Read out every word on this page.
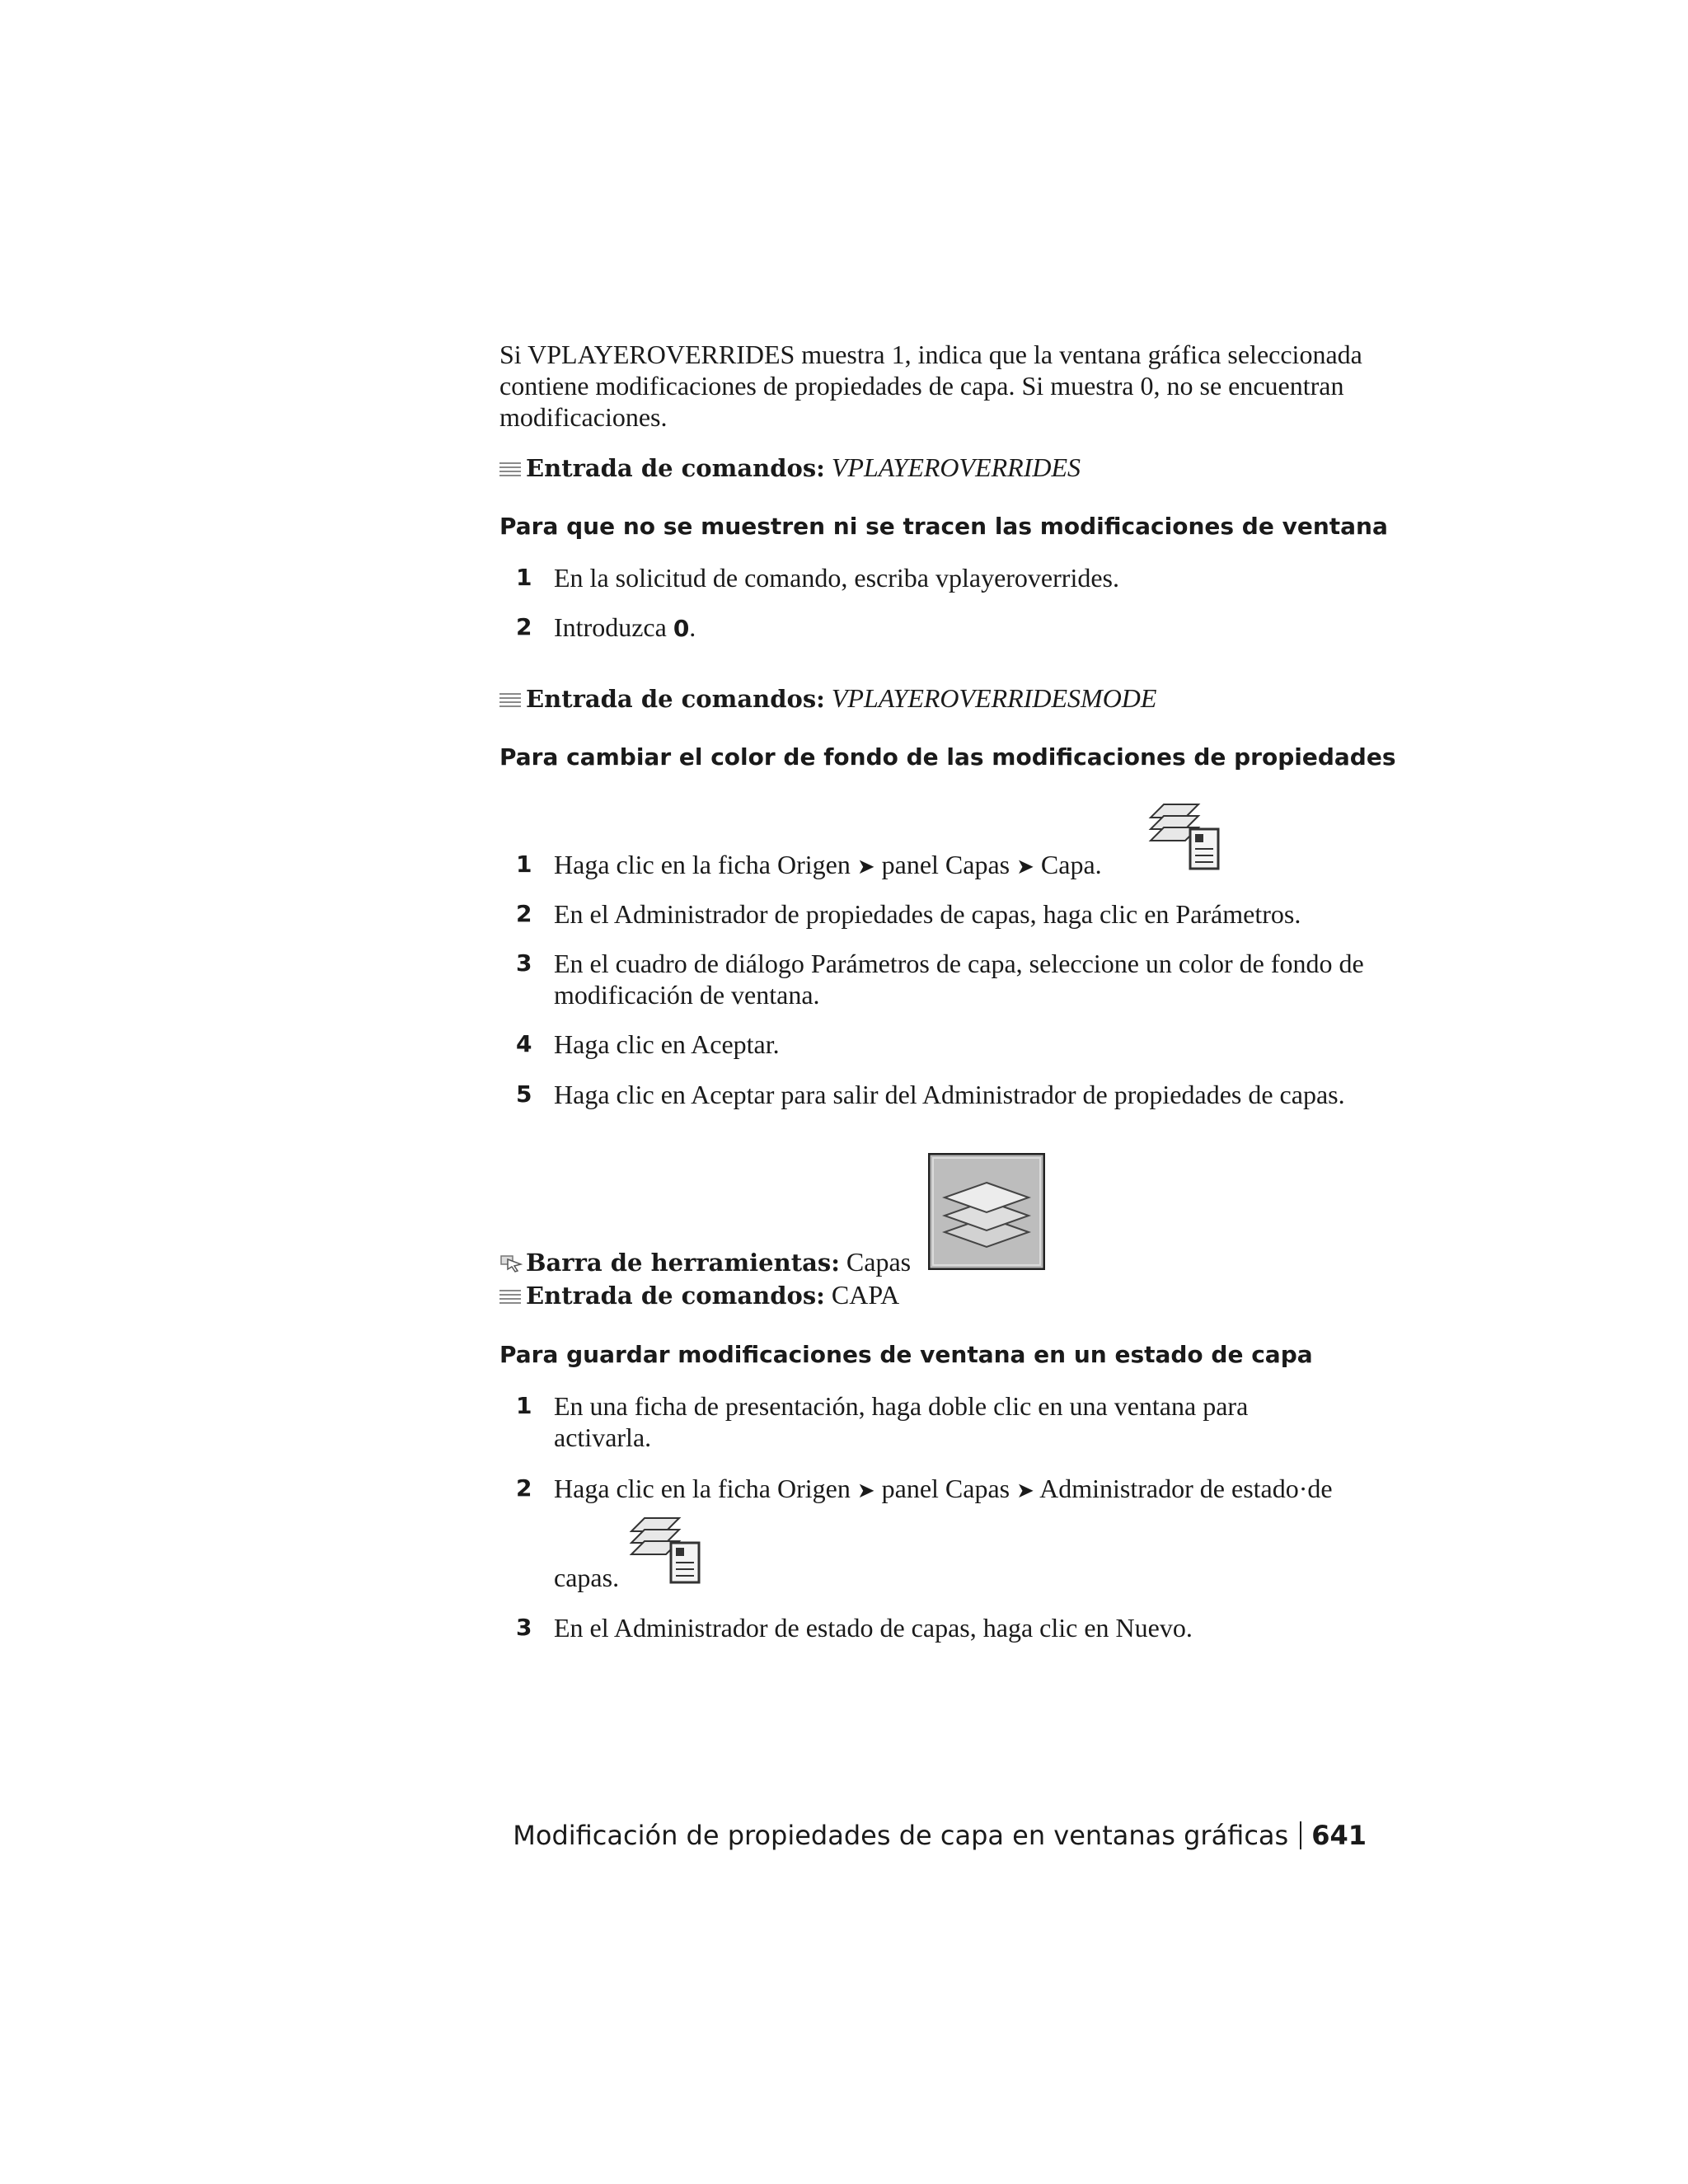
Si VPLAYEROVERRIDES muestra 1, indica que la ventana gráfica seleccionada contiene modificaciones de propiedades de capa. Si muestra 0, no se encuentran modificaciones.
Entrada de comandos: VPLAYEROVERRIDES
Para que no se muestren ni se tracen las modificaciones de ventana
1 En la solicitud de comando, escriba vplayeroverrides.
2 Introduzca 0.
Entrada de comandos: VPLAYEROVERRIDESMODE
Para cambiar el color de fondo de las modificaciones de propiedades
1 Haga clic en la ficha Origen ➤ panel Capas ➤ Capa.
2 En el Administrador de propiedades de capas, haga clic en Parámetros.
3 En el cuadro de diálogo Parámetros de capa, seleccione un color de fondo de modificación de ventana.
4 Haga clic en Aceptar.
5 Haga clic en Aceptar para salir del Administrador de propiedades de capas.
Barra de herramientas: Capas
Entrada de comandos: CAPA
Para guardar modificaciones de ventana en un estado de capa
1 En una ficha de presentación, haga doble clic en una ventana para activarla.
2 Haga clic en la ficha Origen ➤ panel Capas ➤ Administrador de estado·de
capas.
3 En el Administrador de estado de capas, haga clic en Nuevo.
Modificación de propiedades de capa en ventanas gráficas 641
